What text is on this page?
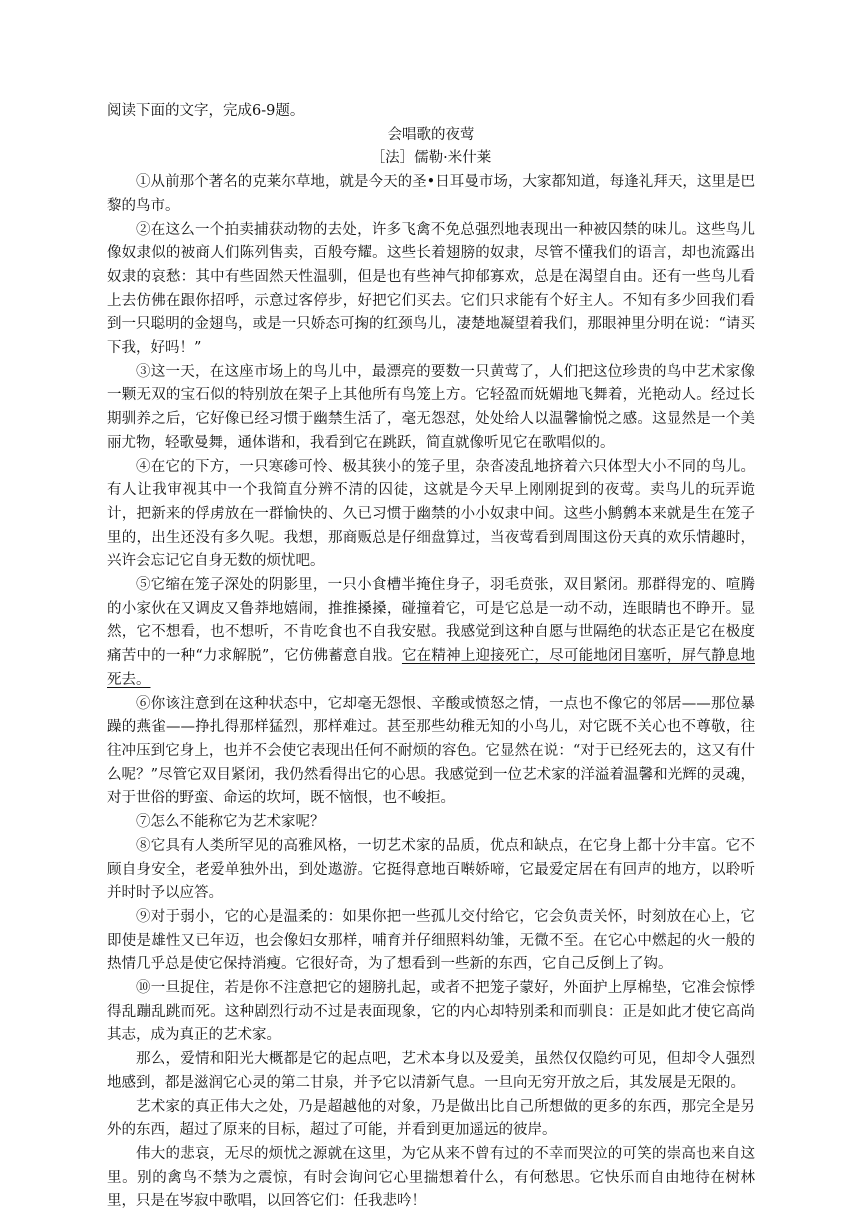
阅读下面的文字，完成6-9题。

会唱歌的夜莺

［法］儒勒·米什莱

①从前那个著名的克莱尔草地，就是今天的圣•日耳曼市场，大家都知道，每逢礼拜天，这里是巴黎的鸟市。

②在这么一个拍卖捕获动物的去处，许多飞禽不免总强烈地表现出一种被囚禁的味儿。这些鸟儿像奴隶似的被商人们陈列售卖，百般夸耀。这些长着翅膀的奴隶，尽管不懂我们的语言，却也流露出奴隶的哀愁：其中有些固然天性温驯，但是也有些神气抑郁寡欢，总是在渴望自由。还有一些鸟儿看上去仿佛在跟你招呼，示意过客停步，好把它们买去。它们只求能有个好主人。不知有多少回我们看到一只聪明的金翅鸟，或是一只娇态可掬的红颈鸟儿，凄楚地凝望着我们，那眼神里分明在说：“请买下我，好吗！”

③这一天，在这座市场上的鸟儿中，最漂亮的要数一只黄莺了，人们把这位珍贵的鸟中艺术家像一颗无双的宝石似的特别放在架子上其他所有鸟笼上方。它轻盈而妩媚地飞舞着，光艳动人。经过长期驯养之后，它好像已经习惯于幽禁生活了，毫无怨怼，处处给人以温馨愉悦之感。这显然是一个美丽尤物，轻歌曼舞，通体谐和，我看到它在跳跃，简直就像听见它在歌唱似的。

④在它的下方，一只寒碜可怜、极其狭小的笼子里，杂沓凌乱地挤着六只体型大小不同的鸟儿。有人让我审视其中一个我简直分辨不清的囚徒，这就是今天早上刚刚捉到的夜莺。卖鸟儿的玩弄诡计，把新来的俘虏放在一群愉快的、久已习惯于幽禁的小小奴隶中间。这些小鹪鹩本来就是生在笼子里的，出生还没有多久呢。我想，那商贩总是仔细盘算过，当夜莺看到周围这份天真的欢乐情趣时，兴许会忘记它自身无数的烦忧吧。

⑤它缩在笼子深处的阴影里，一只小食槽半掩住身子，羽毛贲张，双目紧闭。那群得宠的、喧腾的小家伙在又调皮又鲁莽地嬉闹，推推搡搡，碰撞着它，可是它总是一动不动，连眼睛也不睁开。显然，它不想看，也不想听，不肯吃食也不自我安慰。我感觉到这种自愿与世隔绝的状态正是它在极度痛苦中的一种“力求解脱”，它仿佛蓄意自戕。它在精神上迎接死亡，尽可能地闭目塞听，屏气静息地死去。

⑥你该注意到在这种状态中，它却毫无怨恨、辛酸或愤怒之情，一点也不像它的邻居——那位暴躁的燕雀——挣扎得那样猛烈，那样难过。甚至那些幼稚无知的小鸟儿，对它既不关心也不尊敬，往往冲压到它身上，也并不会使它表现出任何不耐烦的容色。它显然在说：“对于已经死去的，这又有什么呢？”尽管它双目紧闭，我仍然看得出它的心思。我感觉到一位艺术家的洋溢着温馨和光辉的灵魂，对于世俗的野蛮、命运的坎坷，既不恼恨，也不峻拒。

⑦怎么不能称它为艺术家呢？

⑧它具有人类所罕见的高雅风格，一切艺术家的品质，优点和缺点，在它身上都十分丰富。它不顾自身安全，老爱单独外出，到处遨游。它挺得意地百啭娇啼，它最爱定居在有回声的地方，以聆听并时时予以应答。

⑨对于弱小，它的心是温柔的：如果你把一些孤儿交付给它，它会负责关怀，时刻放在心上，它即使是雄性又已年迈，也会像妇女那样，哺育并仔细照料幼雏，无微不至。在它心中燃起的火一般的热情几乎总是使它保持消瘦。它很好奇，为了想看到一些新的东西，它自己反倒上了钩。

⑩一旦捉住，若是你不注意把它的翅膀扎起，或者不把笼子蒙好，外面护上厚棉垫，它准会惊悸得乱蹦乱跳而死。这种剧烈行动不过是表面现象，它的内心却特别柔和而驯良：正是如此才使它高尚其志，成为真正的艺术家。

那么，爱情和阳光大概都是它的起点吧，艺术本身以及爱美，虽然仅仅隐约可见，但却令人强烈地感到，都是滋润它心灵的第二甘泉，并予它以清新气息。一旦向无穷开放之后，其发展是无限的。

艺术家的真正伟大之处，乃是超越他的对象，乃是做出比自己所想做的更多的东西，那完全是另外的东西，超过了原来的目标，超过了可能，并看到更加遥远的彼岸。

伟大的悲哀，无尽的烦忧之源就在这里，为它从来不曾有过的不幸而哭泣的可笑的崇高也来自这里。别的禽鸟不禁为之震惊，有时会询问它心里揣想着什么，有何愁思。它快乐而自由地待在树林里，只是在岑寂中歌唱，以回答它们：任我悲吟！
